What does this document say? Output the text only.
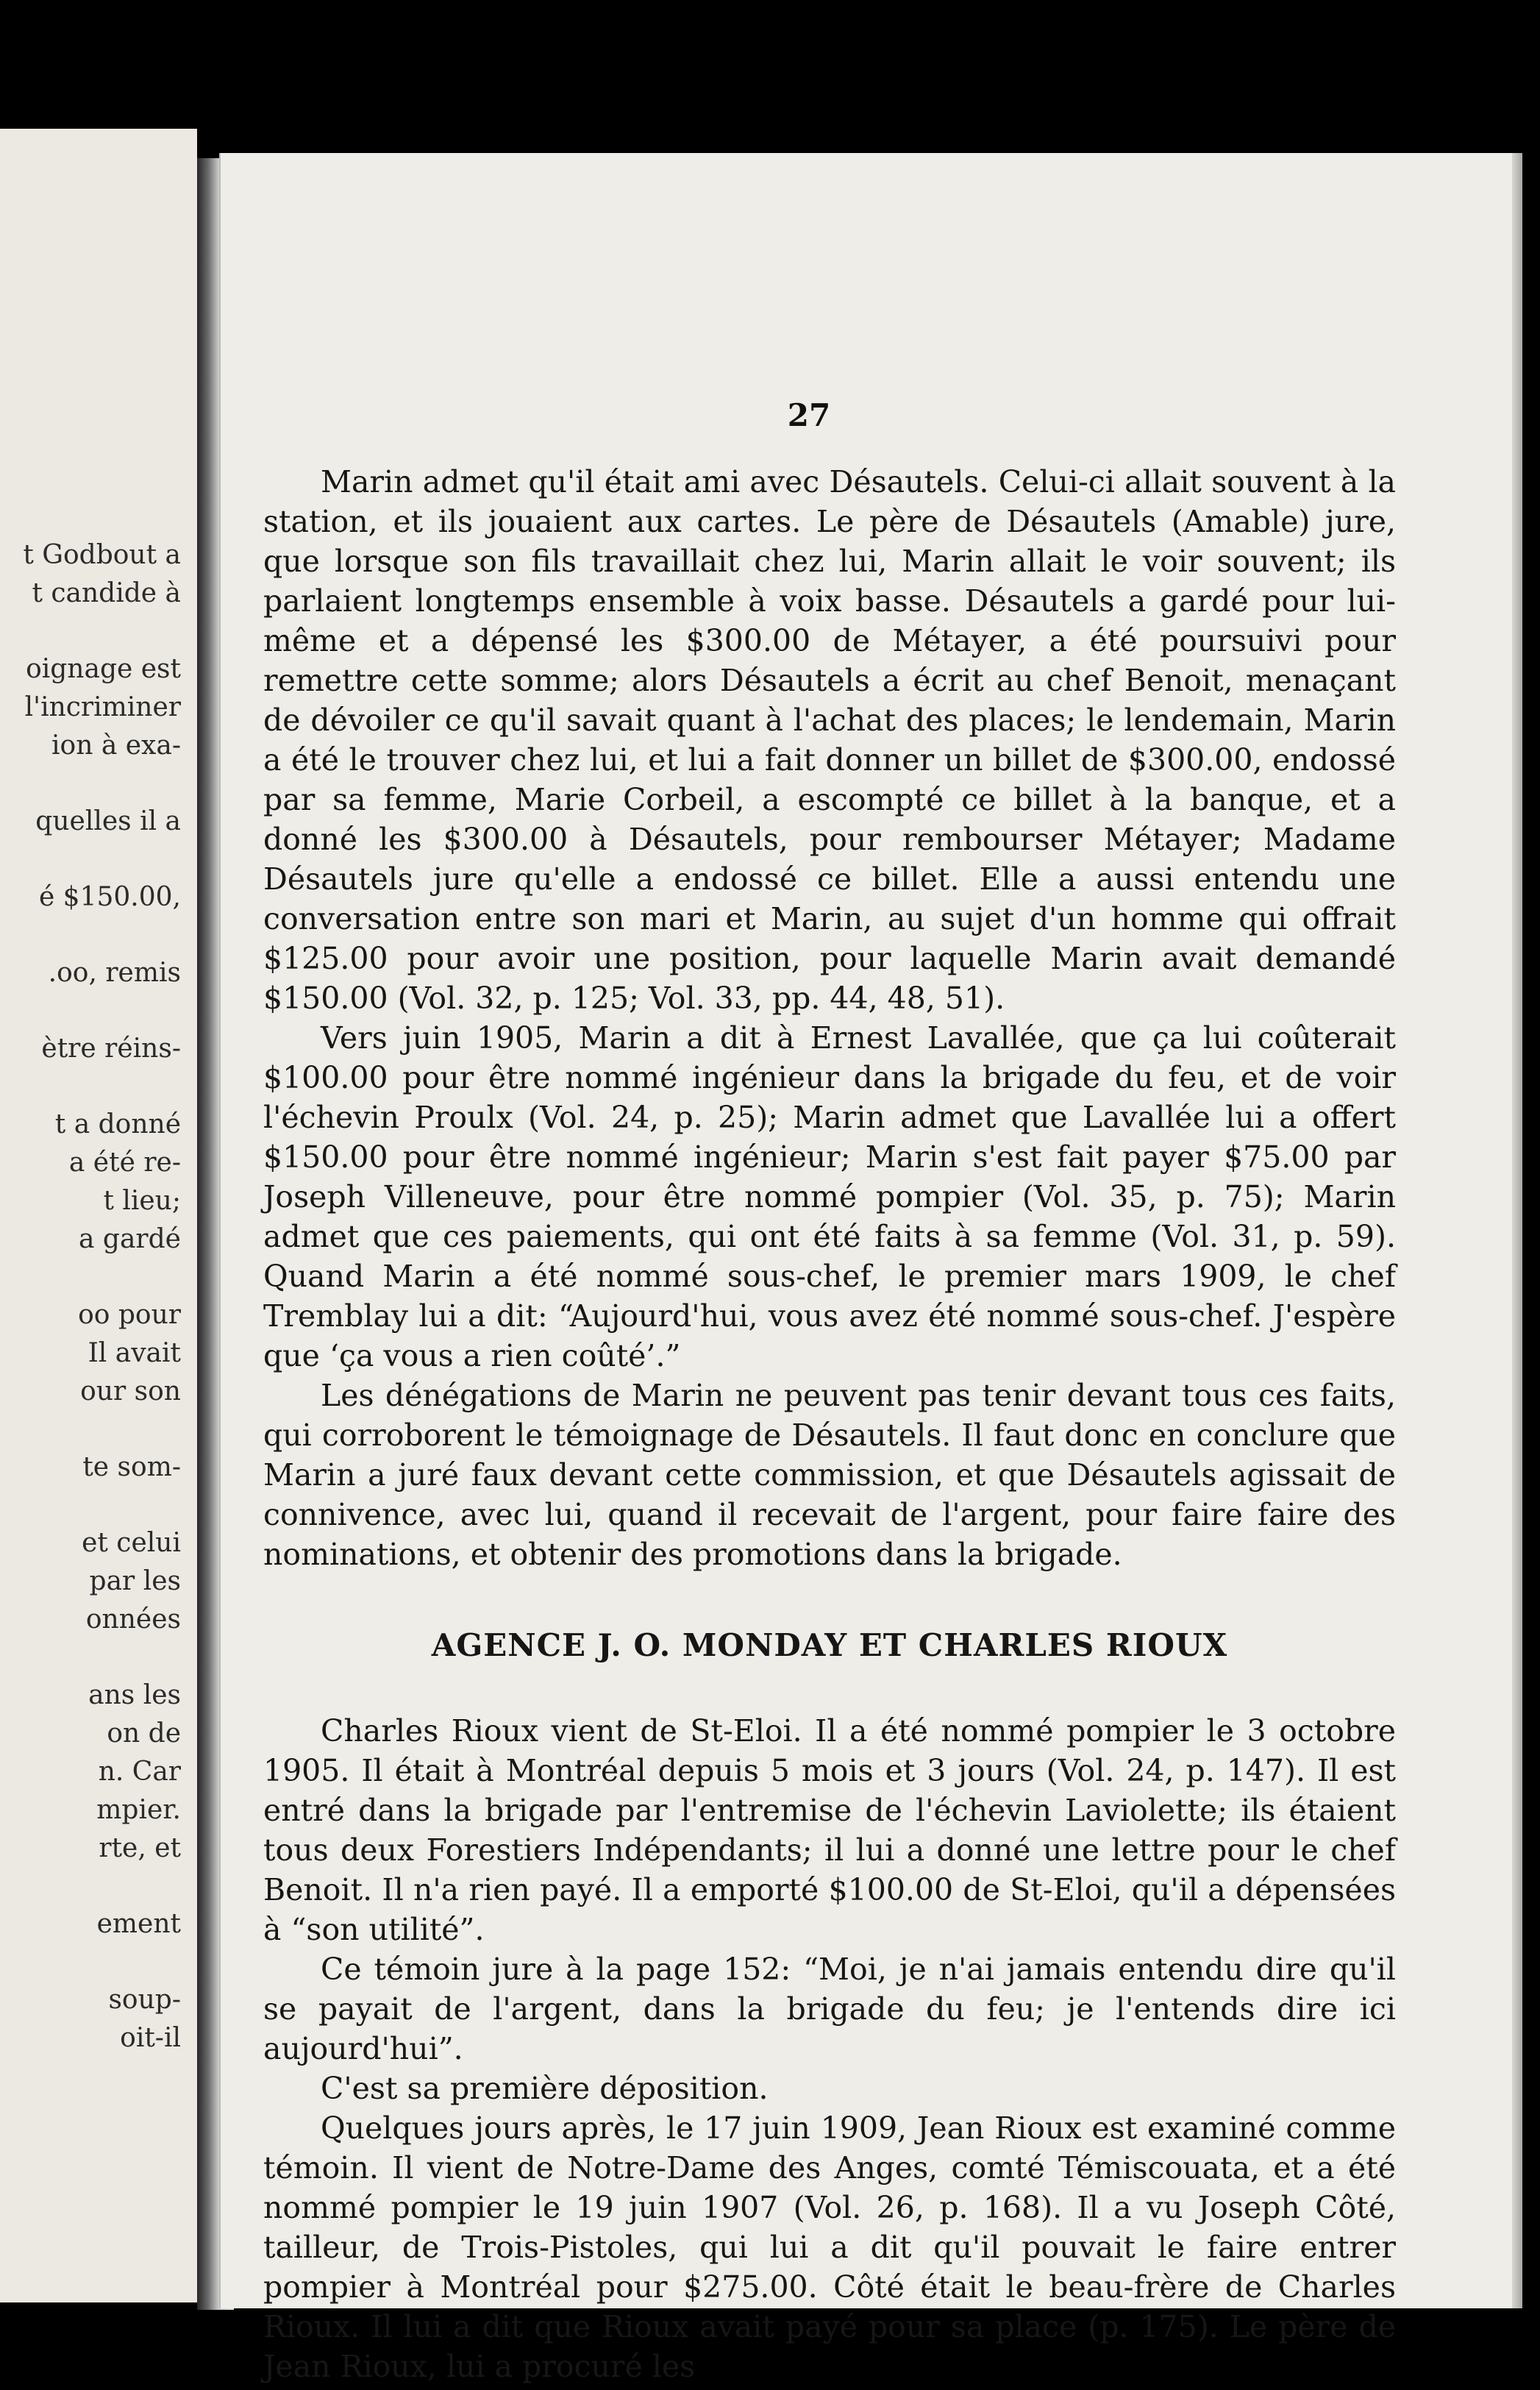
t Godbout a
t candide à
oignage est
l'incriminer
ion à exa-
quelles il a
é $150.00,
.oo, remis
ètre réins-
t a donné
a été re-
t lieu;
a gardé
oo pour
Il avait
our son
te som-
et celui
par les
onnées
ans les
on de
n. Car
mpier.
rte, et
ement
soup-
oit-il
27

Marin admet qu'il était ami avec Désautels. Celui-ci allait souvent à la station, et ils jouaient aux cartes. Le père de Désautels (Amable) jure, que lorsque son fils travaillait chez lui, Marin allait le voir souvent; ils parlaient longtemps ensemble à voix basse. Désautels a gardé pour lui-même et a dépensé les $300.00 de Métayer, a été poursuivi pour remettre cette somme; alors Désautels a écrit au chef Benoit, menaçant de dévoiler ce qu'il savait quant à l'achat des places; le lendemain, Marin a été le trouver chez lui, et lui a fait donner un billet de $300.00, endossé par sa femme, Marie Corbeil, a escompté ce billet à la banque, et a donné les $300.00 à Désautels, pour rembourser Métayer; Madame Désautels jure qu'elle a endossé ce billet. Elle a aussi entendu une conversation entre son mari et Marin, au sujet d'un homme qui offrait $125.00 pour avoir une position, pour laquelle Marin avait demandé $150.00 (Vol. 32, p. 125; Vol. 33, pp. 44, 48, 51).

Vers juin 1905, Marin a dit à Ernest Lavallée, que ça lui coûterait $100.00 pour être nommé ingénieur dans la brigade du feu, et de voir l'échevin Proulx (Vol. 24, p. 25); Marin admet que Lavallée lui a offert $150.00 pour être nommé ingénieur; Marin s'est fait payer $75.00 par Joseph Villeneuve, pour être nommé pompier (Vol. 35, p. 75); Marin admet que ces paiements, qui ont été faits à sa femme (Vol. 31, p. 59). Quand Marin a été nommé sous-chef, le premier mars 1909, le chef Tremblay lui a dit: “Aujourd'hui, vous avez été nommé sous-chef. J'espère que ‘ça vous a rien coûté’.”

Les dénégations de Marin ne peuvent pas tenir devant tous ces faits, qui corroborent le témoignage de Désautels. Il faut donc en conclure que Marin a juré faux devant cette commission, et que Désautels agissait de connivence, avec lui, quand il recevait de l'argent, pour faire faire des nominations, et obtenir des promotions dans la brigade.

AGENCE J. O. MONDAY ET CHARLES RIOUX

Charles Rioux vient de St-Eloi. Il a été nommé pompier le 3 octobre 1905. Il était à Montréal depuis 5 mois et 3 jours (Vol. 24, p. 147). Il est entré dans la brigade par l'entremise de l'échevin Laviolette; ils étaient tous deux Forestiers Indépendants; il lui a donné une lettre pour le chef Benoit. Il n'a rien payé. Il a emporté $100.00 de St-Eloi, qu'il a dépensées à “son utilité”.

Ce témoin jure à la page 152: “Moi, je n'ai jamais entendu dire qu'il se payait de l'argent, dans la brigade du feu; je l'entends dire ici aujourd'hui”.

C'est sa première déposition.

Quelques jours après, le 17 juin 1909, Jean Rioux est examiné comme témoin. Il vient de Notre-Dame des Anges, comté Témiscouata, et a été nommé pompier le 19 juin 1907 (Vol. 26, p. 168). Il a vu Joseph Côté, tailleur, de Trois-Pistoles, qui lui a dit qu'il pouvait le faire entrer pompier à Montréal pour $275.00. Côté était le beau-frère de Charles Rioux. Il lui a dit que Rioux avait payé pour sa place (p. 175). Le père de Jean Rioux, lui a procuré les
